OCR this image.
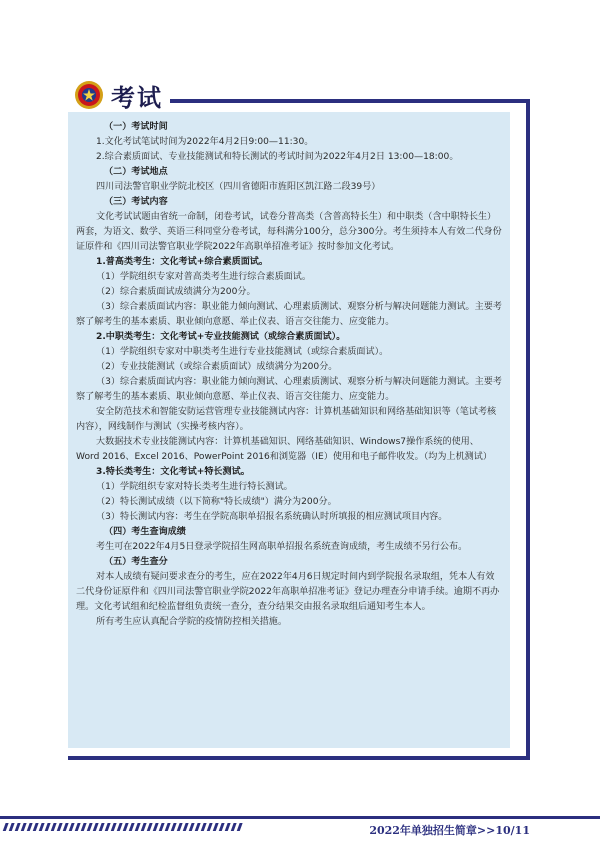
考试

（一）考试时间

1.文化考试笔试时间为2022年4月2日9:00—11:30。

2.综合素质面试、专业技能测试和特长测试的考试时间为2022年4月2日 13:00—18:00。

（二）考试地点

四川司法警官职业学院北校区（四川省德阳市旌阳区凯江路二段39号）

（三）考试内容

文化考试试题由省统一命制，闭卷考试，试卷分普高类（含普高特长生）和中职类（含中职特长生）两套，为语文、数学、英语三科同堂分卷考试，每科满分100分，总分300分。考生须持本人有效二代身份证原件和《四川司法警官职业学院2022年高职单招准考证》按时参加文化考试。

1.普高类考生：文化考试+综合素质面试。

（1）学院组织专家对普高类考生进行综合素质面试。

（2）综合素质面试成绩满分为200分。

（3）综合素质面试内容：职业能力倾向测试、心理素质测试、观察分析与解决问题能力测试。主要考察了解考生的基本素质、职业倾向意愿、举止仪表、语言交往能力、应变能力。

2.中职类考生：文化考试+专业技能测试（或综合素质面试）。

（1）学院组织专家对中职类考生进行专业技能测试（或综合素质面试）。

（2）专业技能测试（或综合素质面试）成绩满分为200分。

（3）综合素质面试内容：职业能力倾向测试、心理素质测试、观察分析与解决问题能力测试。主要考察了解考生的基本素质、职业倾向意愿、举止仪表、语言交往能力、应变能力。

安全防范技术和智能安防运营管理专业技能测试内容：计算机基础知识和网络基础知识等（笔试考核内容），网线制作与测试（实操考核内容）。

大数据技术专业技能测试内容：计算机基础知识、网络基础知识、Windows7操作系统的使用、Word 2016、Excel 2016、PowerPoint 2016和浏览器（IE）使用和电子邮件收发。（均为上机测试）

3.特长类考生：文化考试+特长测试。

（1）学院组织专家对特长类考生进行特长测试。

（2）特长测试成绩（以下简称"特长成绩"）满分为200分。

（3）特长测试内容：考生在学院高职单招报名系统确认时所填报的相应测试项目内容。

（四）考生查询成绩

考生可在2022年4月5日登录学院招生网高职单招报名系统查询成绩，考生成绩不另行公布。

（五）考生查分

对本人成绩有疑问要求查分的考生，应在2022年4月6日规定时间内到学院报名录取组，凭本人有效二代身份证原件和《四川司法警官职业学院2022年高职单招准考证》登记办理查分申请手续。逾期不再办理。文化考试组和纪检监督组负责统一查分，查分结果交由报名录取组后通知考生本人。

所有考生应认真配合学院的疫情防控相关措施。

2022年单独招生简章>>10/11
